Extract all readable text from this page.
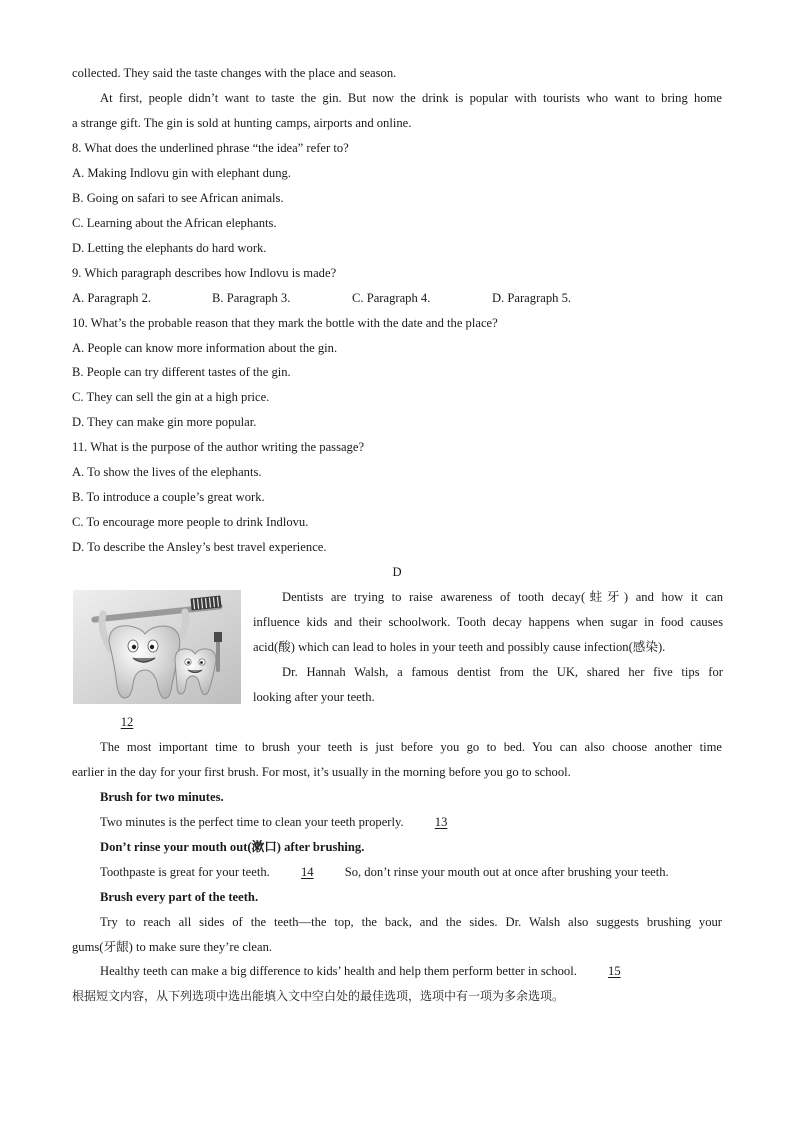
collected. They said the taste changes with the place and season.
At first, people didn’t want to taste the gin. But now the drink is popular with tourists who want to bring home
a strange gift. The gin is sold at hunting camps, airports and online.
8. What does the underlined phrase “the idea” refer to?
A. Making Indlovu gin with elephant dung.
B. Going on safari to see African animals.
C. Learning about the African elephants.
D. Letting the elephants do hard work.
9. Which paragraph describes how Indlovu is made?
A. Paragraph 2.	B. Paragraph 3.	C. Paragraph 4.	D. Paragraph 5.
10. What’s the probable reason that they mark the bottle with the date and the place?
A. People can know more information about the gin.
B. People can try different tastes of the gin.
C. They can sell the gin at a high price.
D. They can make gin more popular.
11. What is the purpose of the author writing the passage?
A. To show the lives of the elephants.
B. To introduce a couple’s great work.
C. To encourage more people to drink Indlovu.
D. To describe the Ansley’s best travel experience.
D
Dentists are trying to raise awareness of tooth decay(蛀牙) and how it can
influence kids and their schoolwork. Tooth decay happens when sugar in food causes
acid(酸) which can lead to holes in your teeth and possibly cause infection(感染).
Dr. Hannah Walsh, a famous dentist from the UK, shared her five tips for
looking after your teeth.
12
The most important time to brush your teeth is just before you go to bed. You can also choose another time
earlier in the day for your first brush. For most, it’s usually in the morning before you go to school.
Brush for two minutes.
Two minutes is the perfect time to clean your teeth properly. 13
Don’t rinse your mouth out(漱口) after brushing.
Toothpaste is great for your teeth. 14 So, don’t rinse your mouth out at once after brushing your teeth.
Brush every part of the teeth.
Try to reach all sides of the teeth—the top, the back, and the sides. Dr. Walsh also suggests brushing your
gums(牙龈) to make sure they’re clean.
Healthy teeth can make a big difference to kids’ health and help them perform better in school. 15
根据短文内容，从下列选项中选出能填入文中空白处的最佳选项，选项中有一项为多余选项。
